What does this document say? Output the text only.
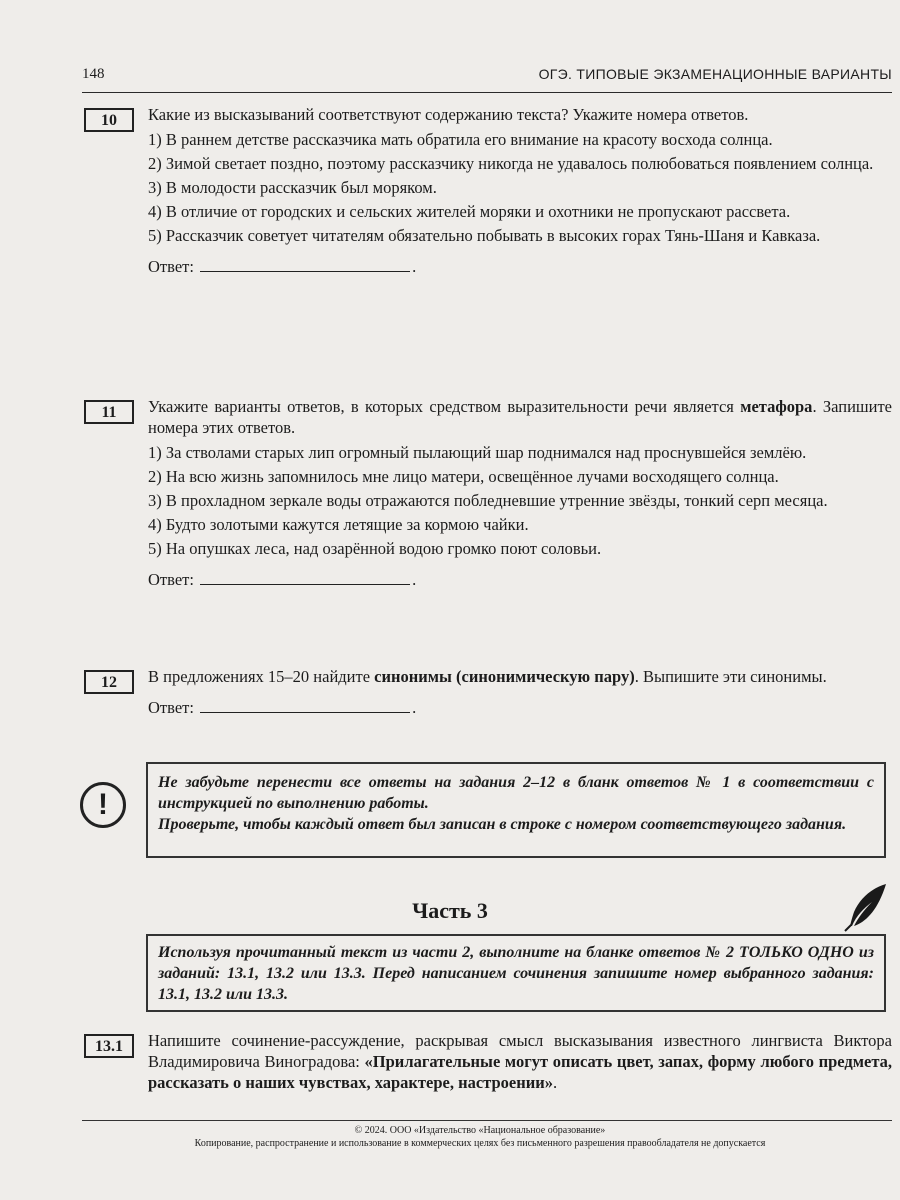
148	ОГЭ. ТИПОВЫЕ ЭКЗАМЕНАЦИОННЫЕ ВАРИАНТЫ
10	Какие из высказываний соответствуют содержанию текста? Укажите номера ответов.

1) В раннем детстве рассказчика мать обратила его внимание на красоту восхода солнца.

2) Зимой светает поздно, поэтому рассказчику никогда не удавалось полюбоваться появлением солнца.

3) В молодости рассказчик был моряком.

4) В отличие от городских и сельских жителей моряки и охотники не пропускают рассвета.

5) Рассказчик советует читателям обязательно побывать в высоких горах Тянь-Шаня и Кавказа.

Ответ:	.
11	Укажите варианты ответов, в которых средством выразительности речи является метафора. Запишите номера этих ответов.

1) За стволами старых лип огромный пылающий шар поднимался над проснувшейся землёю.

2) На всю жизнь запомнилось мне лицо матери, освещённое лучами восходящего солнца.

3) В прохладном зеркале воды отражаются побледневшие утренние звёзды, тонкий серп месяца.

4) Будто золотыми кажутся летящие за кормою чайки.

5) На опушках леса, над озарённой водою громко поют соловьи.

Ответ:	.
12	В предложениях 15–20 найдите синонимы (синонимическую пару). Выпишите эти синонимы.

Ответ:	.
!
Не забудьте перенести все ответы на задания 2–12 в бланк ответов № 1 в соответствии с инструкцией по выполнению работы.
Проверьте, чтобы каждый ответ был записан в строке с номером соответствующего задания.
Часть 3
Используя прочитанный текст из части 2, выполните на бланке ответов № 2 ТОЛЬКО ОДНО из заданий: 13.1, 13.2 или 13.3. Перед написанием сочинения запишите номер выбранного задания: 13.1, 13.2 или 13.3.
13.1	Напишите сочинение-рассуждение, раскрывая смысл высказывания известного лингвиста Виктора Владимировича Виноградова: «Прилагательные могут описать цвет, запах, форму любого предмета, рассказать о наших чувствах, характере, настроении».

© 2024. ООО «Издательство «Национальное образование»
Копирование, распространение и использование в коммерческих целях без письменного разрешения правообладателя не допускается
